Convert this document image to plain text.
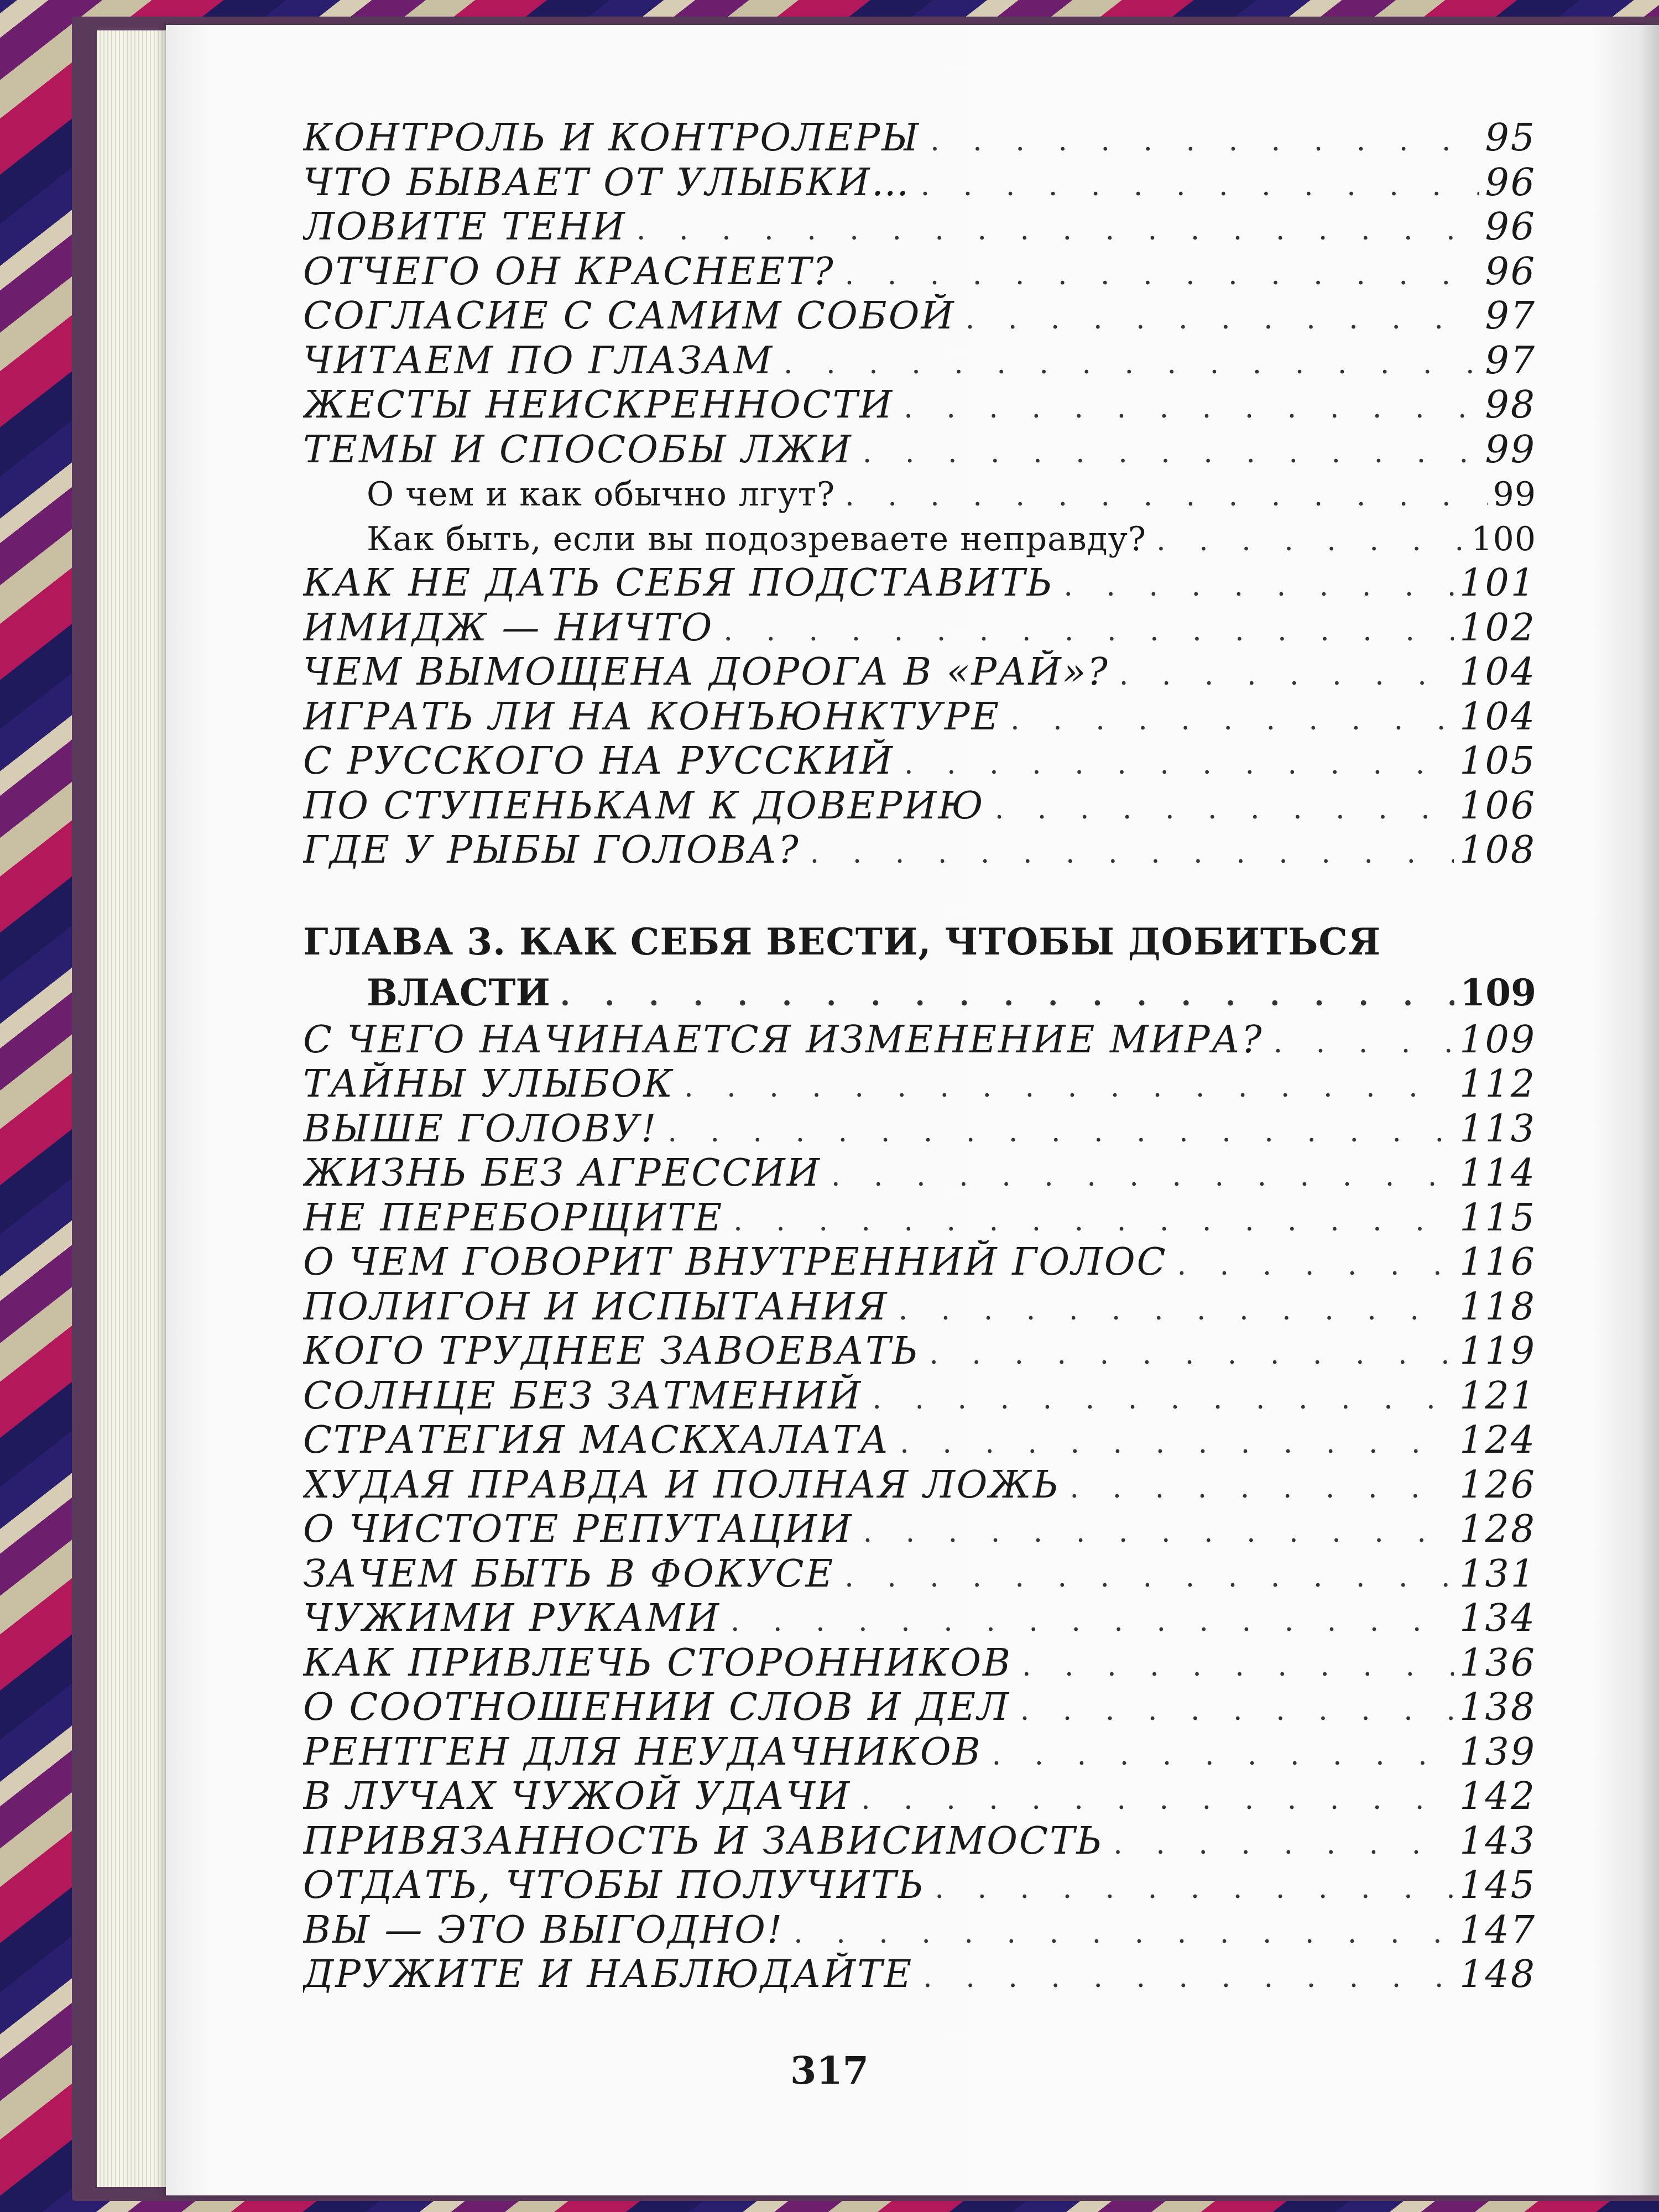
КОНТРОЛЬ И КОНТРОЛЕРЫ . . .	95
ЧТО БЫВАЕТ ОТ УЛЫБКИ… . . .	96
ЛОВИТЕ ТЕНИ . . .	96
ОТЧЕГО ОН КРАСНЕЕТ? . . .	96
СОГЛАСИЕ С САМИМ СОБОЙ . . .	97
ЧИТАЕМ ПО ГЛАЗАМ . . .	97
ЖЕСТЫ НЕИСКРЕННОСТИ . . .	98
ТЕМЫ И СПОСОБЫ ЛЖИ . . .	99
О чем и как обычно лгут? . . .	99
Как быть, если вы подозреваете неправду? . . .	100
КАК НЕ ДАТЬ СЕБЯ ПОДСТАВИТЬ . . .	101
ИМИДЖ — НИЧТО . . .	102
ЧЕМ ВЫМОЩЕНА ДОРОГА В «РАЙ»? . . .	104
ИГРАТЬ ЛИ НА КОНЪЮНКТУРЕ . . .	104
С РУССКОГО НА РУССКИЙ . . .	105
ПО СТУПЕНЬКАМ К ДОВЕРИЮ . . .	106
ГДЕ У РЫБЫ ГОЛОВА? . . .	108
ГЛАВА 3. КАК СЕБЯ ВЕСТИ, ЧТОБЫ ДОБИТЬСЯ
ВЛАСТИ . . .	109
С ЧЕГО НАЧИНАЕТСЯ ИЗМЕНЕНИЕ МИРА? . . .	109
ТАЙНЫ УЛЫБОК . . .	112
ВЫШЕ ГОЛОВУ! . . .	113
ЖИЗНЬ БЕЗ АГРЕССИИ . . .	114
НЕ ПЕРЕБОРЩИТЕ . . .	115
О ЧЕМ ГОВОРИТ ВНУТРЕННИЙ ГОЛОС . . .	116
ПОЛИГОН И ИСПЫТАНИЯ . . .	118
КОГО ТРУДНЕЕ ЗАВОЕВАТЬ . . .	119
СОЛНЦЕ БЕЗ ЗАТМЕНИЙ . . .	121
СТРАТЕГИЯ МАСКХАЛАТА . . .	124
ХУДАЯ ПРАВДА И ПОЛНАЯ ЛОЖЬ . . .	126
О ЧИСТОТЕ РЕПУТАЦИИ . . .	128
ЗАЧЕМ БЫТЬ В ФОКУСЕ . . .	131
ЧУЖИМИ РУКАМИ . . .	134
КАК ПРИВЛЕЧЬ СТОРОННИКОВ . . .	136
О СООТНОШЕНИИ СЛОВ И ДЕЛ . . .	138
РЕНТГЕН ДЛЯ НЕУДАЧНИКОВ . . .	139
В ЛУЧАХ ЧУЖОЙ УДАЧИ . . .	142
ПРИВЯЗАННОСТЬ И ЗАВИСИМОСТЬ . . .	143
ОТДАТЬ, ЧТОБЫ ПОЛУЧИТЬ . . .	145
ВЫ — ЭТО ВЫГОДНО! . . .	147
ДРУЖИТЕ И НАБЛЮДАЙТЕ . . .	148
317
